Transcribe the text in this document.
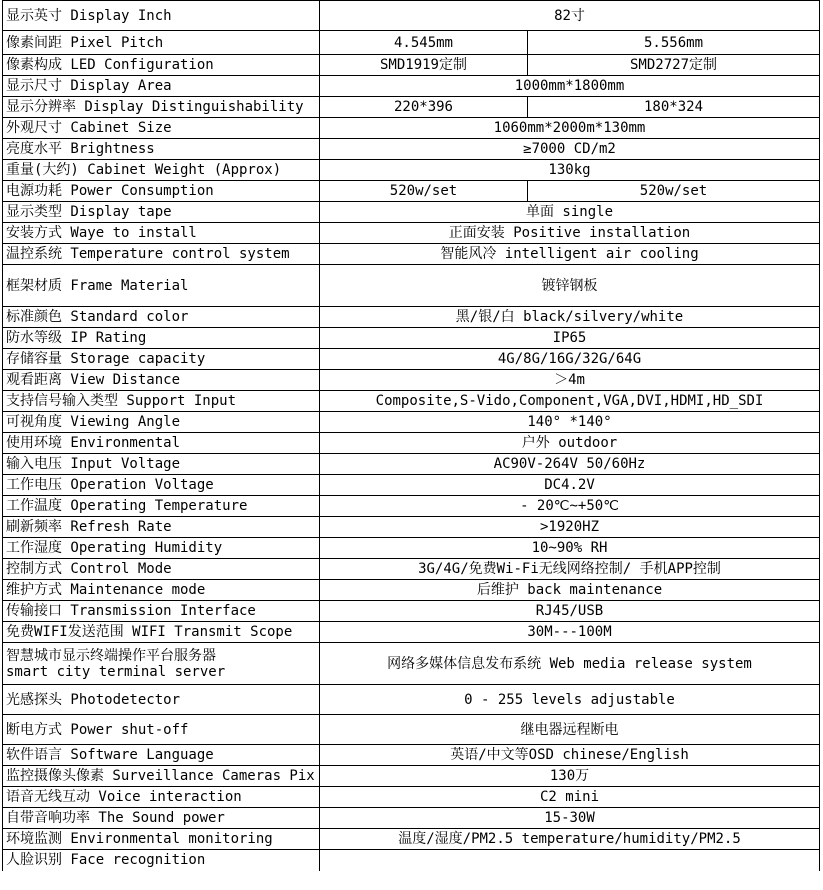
显示英寸 Display Inch	82寸	
像素间距 Pixel Pitch	4.545mm	5.556mm
像素构成 LED Configuration	SMD1919定制	SMD2727定制
显示尺寸 Display Area	1000mm*1800mm	
显示分辨率 Display Distinguishability	220*396	180*324
外观尺寸 Cabinet Size	1060mm*2000m*130mm	
亮度水平 Brightness	≥7000 CD/m2	
重量(大约) Cabinet Weight (Approx)	130kg	
电源功耗 Power Consumption	520w/set	520w/set
显示类型 Display tape	单面 single	
安装方式 Waye to install	正面安装 Positive installation	
温控系统 Temperature control system	智能风冷 intelligent air cooling	
框架材质 Frame Material	镀锌钢板	
标准颜色 Standard color	黑/银/白 black/silvery/white	
防水等级 IP Rating	IP65	
存储容量 Storage capacity	4G/8G/16G/32G/64G	
观看距离 View Distance	＞4m	
支持信号输入类型 Support Input	Composite,S-Vido,Component,VGA,DVI,HDMI,HD_SDI	
可视角度 Viewing Angle	140° *140°	
使用环境 Environmental	户外 outdoor	
输入电压 Input Voltage	AC90V-264V 50/60Hz	
工作电压 Operation Voltage	DC4.2V	
工作温度 Operating Temperature	- 20℃~+50℃	
刷新频率 Refresh Rate	>1920HZ	
工作湿度 Operating Humidity	10~90% RH	
控制方式 Control Mode	3G/4G/免费Wi-Fi无线网络控制/ 手机APP控制	
维护方式 Maintenance mode	后维护 back maintenance	
传输接口 Transmission Interface	RJ45/USB	
免费WIFI发送范围 WIFI Transmit Scope	30M---100M	
智慧城市显示终端操作平台服务器
smart city terminal server	网络多媒体信息发布系统 Web media release system	
光感探头 Photodetector	0 - 255 levels adjustable	
断电方式 Power shut-off	继电器远程断电	
软件语言 Software Language	英语/中文等OSD chinese/English	
监控摄像头像素 Surveillance Cameras Pix	130万	
语音无线互动 Voice interaction	C2 mini	
自带音响功率 The Sound power	15-30W	
环境监测 Environmental monitoring	温度/湿度/PM2.5 temperature/humidity/PM2.5	
人脸识别 Face recognition		
